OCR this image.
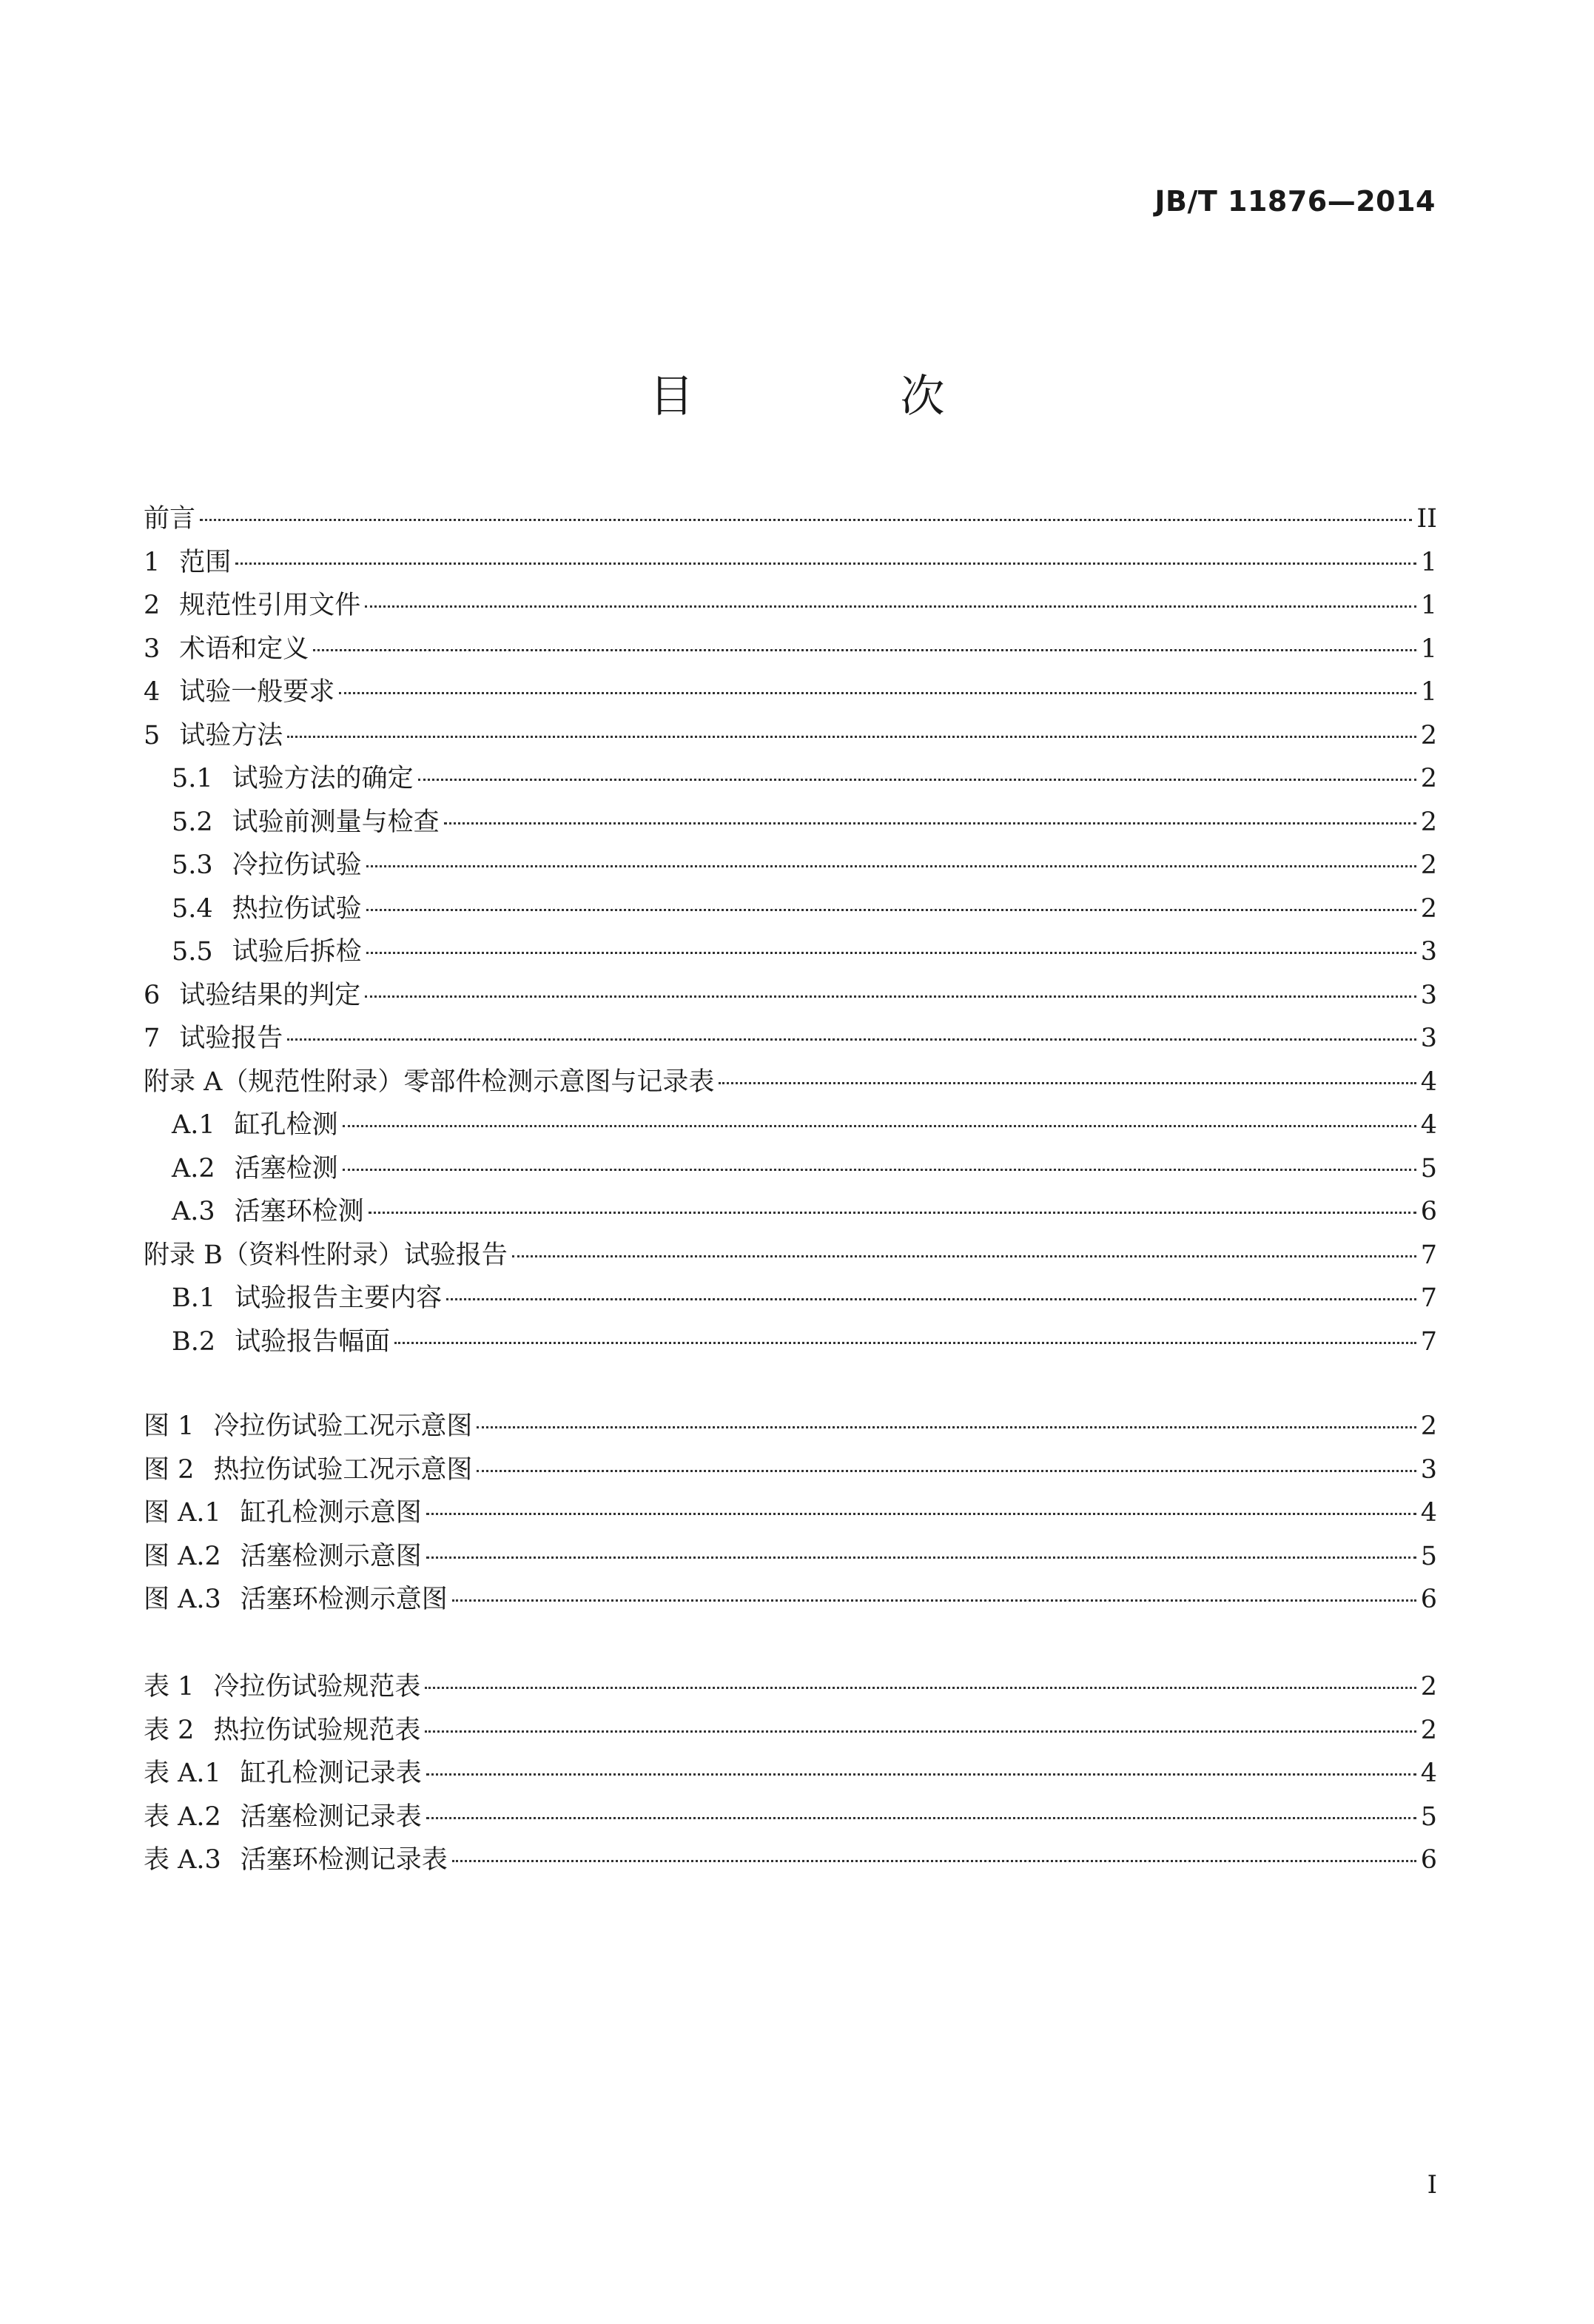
JB/T 11876—2014
目 次
前言	II
1 范围	1
2 规范性引用文件	1
3 术语和定义	1
4 试验一般要求	1
5 试验方法	2
5.1 试验方法的确定	2
5.2 试验前测量与检查	2
5.3 冷拉伤试验	2
5.4 热拉伤试验	2
5.5 试验后拆检	3
6 试验结果的判定	3
7 试验报告	3
附录 A（规范性附录）零部件检测示意图与记录表	4
A.1 缸孔检测	4
A.2 活塞检测	5
A.3 活塞环检测	6
附录 B（资料性附录）试验报告	7
B.1 试验报告主要内容	7
B.2 试验报告幅面	7
图 1 冷拉伤试验工况示意图	2
图 2 热拉伤试验工况示意图	3
图 A.1 缸孔检测示意图	4
图 A.2 活塞检测示意图	5
图 A.3 活塞环检测示意图	6
表 1 冷拉伤试验规范表	2
表 2 热拉伤试验规范表	2
表 A.1 缸孔检测记录表	4
表 A.2 活塞检测记录表	5
表 A.3 活塞环检测记录表	6
I
